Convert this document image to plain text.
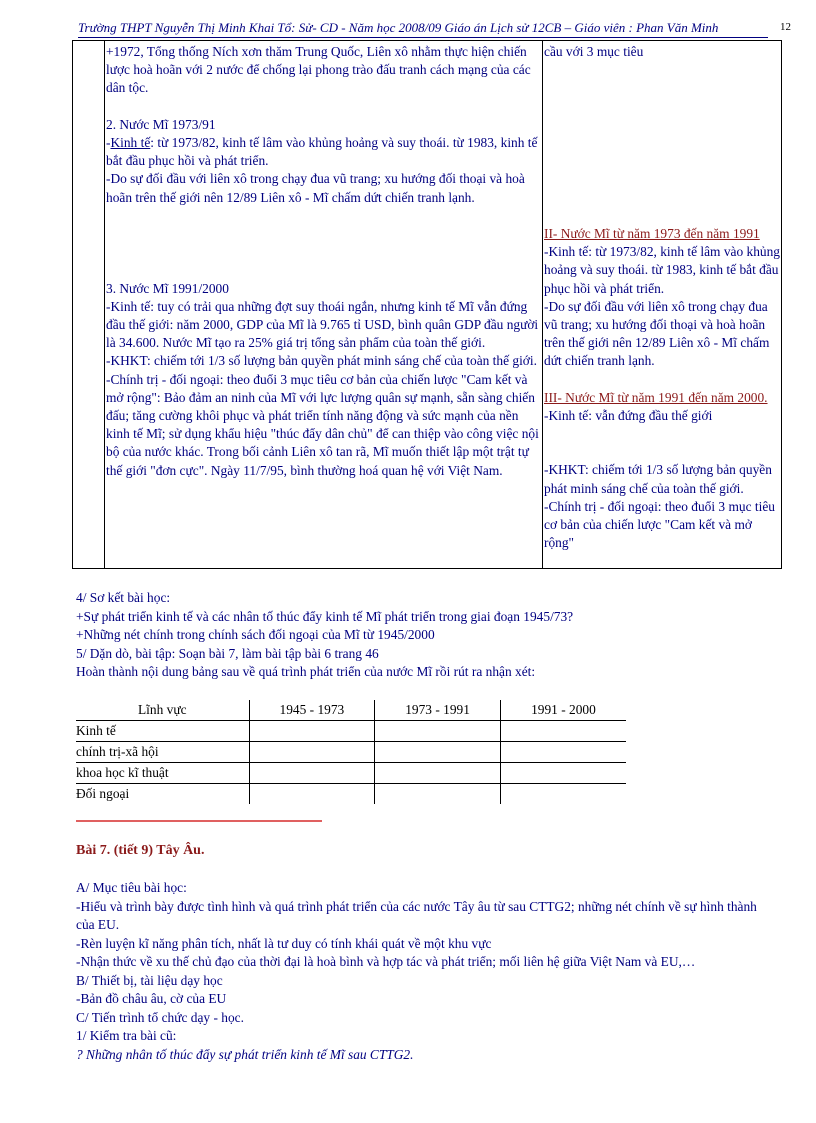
Trường THPT Nguyễn Thị Minh Khai Tổ: Sử- CD - Năm học 2008/09 Giáo án Lịch sử 12CB – Giáo viên : Phan Văn Minh	12

+1972, Tổng thống Ních xơn thăm Trung Quốc, Liên xô nhằm thực hiện chiến lược hoà hoãn với 2 nước để chống lại phong trào đấu tranh cách mạng của các dân tộc.

2. Nước Mĩ 1973/91

-Kinh tế: từ 1973/82, kinh tế lâm vào khủng hoảng và suy thoái. từ 1983, kinh tế bắt đầu phục hồi và phát triển.

-Do sự đối đầu với liên xô trong chạy đua vũ trang; xu hướng đối thoại và hoà hoãn trên thế giới nên 12/89 Liên xô - Mĩ chấm dứt chiến tranh lạnh.

3. Nước Mĩ 1991/2000

-Kinh tế: tuy có trải qua những đợt suy thoái ngắn, nhưng kinh tế Mĩ vẫn đứng đầu thế giới: năm 2000, GDP của Mĩ là 9.765 tỉ USD, bình quân GDP đầu người là 34.600. Nước Mĩ tạo ra 25% giá trị tổng sản phẩm của toàn thế giới.

-KHKT: chiếm tới 1/3 số lượng bản quyền phát minh sáng chế của toàn thế giới.

-Chính trị - đối ngoại: theo đuổi 3 mục tiêu cơ bản của chiến lược "Cam kết và mở rộng": Bảo đảm an ninh của Mĩ với lực lượng quân sự mạnh, sẵn sàng chiến đấu; tăng cường khôi phục và phát triển tính năng động và sức mạnh của nền kinh tế Mĩ; sử dụng khẩu hiệu "thúc đẩy dân chủ" để can thiệp vào công việc nội bộ của nước khác. Trong bối cảnh Liên xô tan rã, Mĩ muốn thiết lập một trật tự thế giới "đơn cực". Ngày 11/7/95, bình thường hoá quan hệ với Việt Nam.

cầu với 3 mục tiêu

II- Nước Mĩ từ năm 1973 đến năm 1991

-Kinh tế: từ 1973/82, kinh tế lâm vào khủng hoảng và suy thoái. từ 1983, kinh tế bắt đầu phục hồi và phát triển.

-Do sự đối đầu với liên xô trong chạy đua vũ trang; xu hướng đối thoại và hoà hoãn trên thế giới nên 12/89 Liên xô - Mĩ chấm dứt chiến tranh lạnh.

III- Nước Mĩ từ năm 1991 đến năm 2000.

-Kinh tế: vẫn đứng đầu thế giới

-KHKT: chiếm tới 1/3 số lượng bản quyền phát minh sáng chế của toàn thế giới.

-Chính trị - đối ngoại: theo đuổi 3 mục tiêu cơ bản của chiến lược "Cam kết và mở rộng"

4/ Sơ kết bài học:

+Sự phát triển kinh tế và các nhân tố thúc đẩy kinh tế Mĩ phát triển trong giai đoạn 1945/73?

+Những nét chính trong chính sách đối ngoại của Mĩ từ 1945/2000

5/ Dặn dò, bài tập: Soạn bài 7, làm bài tập bài 6 trang 46

Hoàn thành nội dung bảng sau về quá trình phát triển của nước Mĩ rồi rút ra nhận xét:

Lĩnh vực	1945 - 1973	1973 - 1991	1991 - 2000
Kinh tế			
chính trị-xã hội			
khoa học kĩ thuật			
Đối ngoại			
Bài 7. (tiết 9) Tây Âu.

A/ Mục tiêu bài học:

-Hiểu và trình bày được tình hình và quá trình phát triển của các nước Tây âu từ sau CTTG2; những nét chính về sự hình thành của EU.

-Rèn luyện kĩ năng phân tích, nhất là tư duy có tính khái quát về một khu vực

-Nhận thức về xu thế chủ đạo của thời đại là hoà bình và hợp tác và phát triển; mối liên hệ giữa Việt Nam và EU,…

B/ Thiết bị, tài liệu dạy học

-Bản đồ châu âu, cờ của EU

C/ Tiến trình tổ chức dạy - học.

1/ Kiểm tra bài cũ:

? Những nhân tố thúc đẩy sự phát triển kinh tế Mĩ sau CTTG2.
